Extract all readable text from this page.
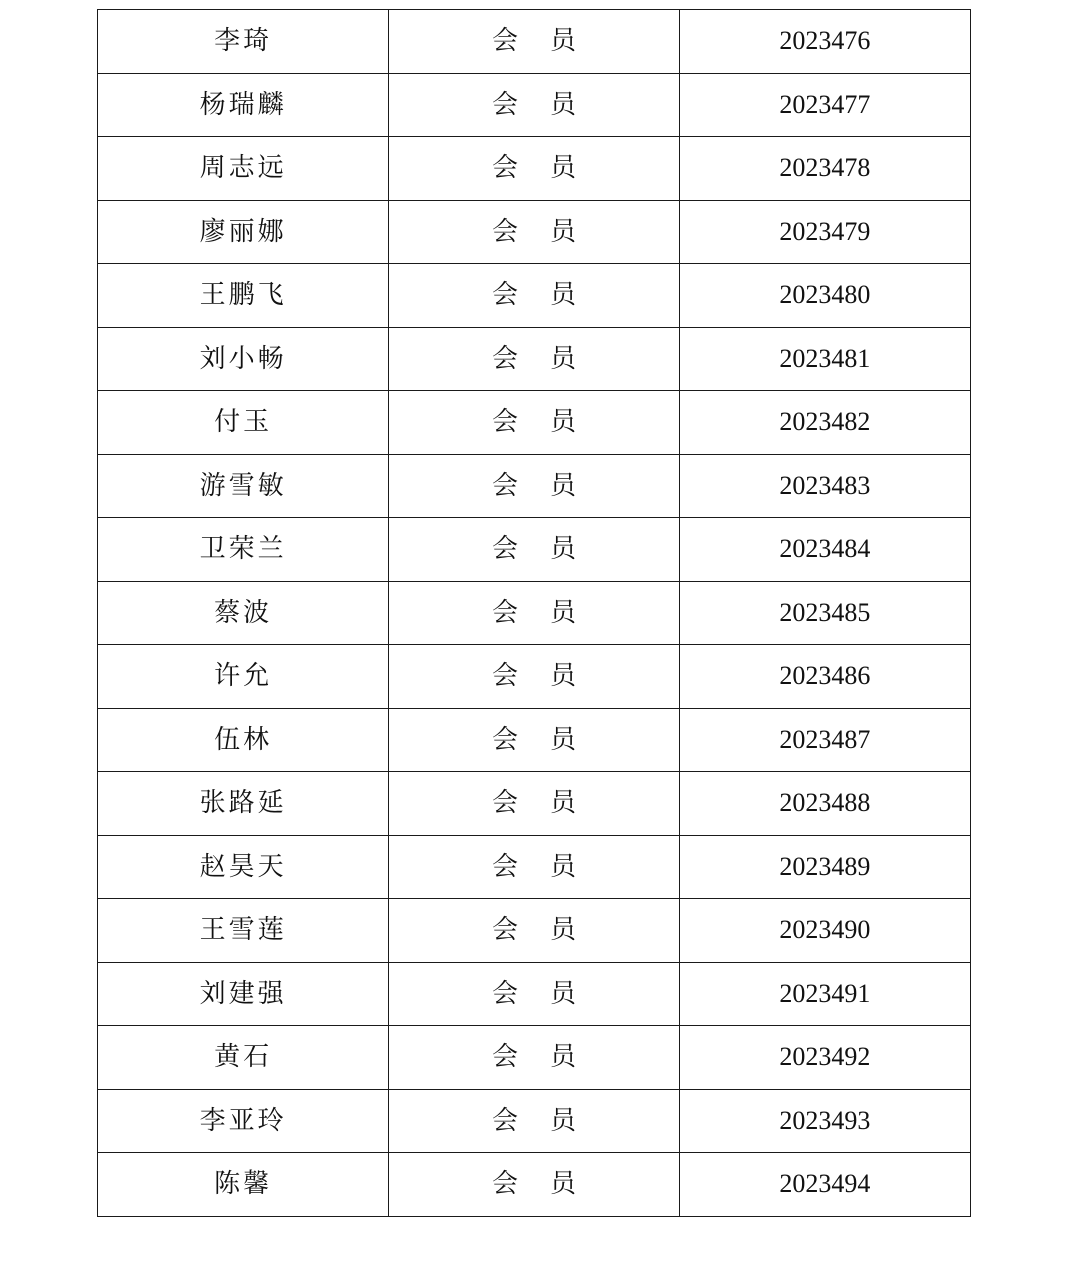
李琦	会 员	2023476
杨瑞麟	会 员	2023477
周志远	会 员	2023478
廖丽娜	会 员	2023479
王鹏飞	会 员	2023480
刘小畅	会 员	2023481
付玉	会 员	2023482
游雪敏	会 员	2023483
卫荣兰	会 员	2023484
蔡波	会 员	2023485
许允	会 员	2023486
伍林	会 员	2023487
张路延	会 员	2023488
赵昊天	会 员	2023489
王雪莲	会 员	2023490
刘建强	会 员	2023491
黄石	会 员	2023492
李亚玲	会 员	2023493
陈馨	会 员	2023494
